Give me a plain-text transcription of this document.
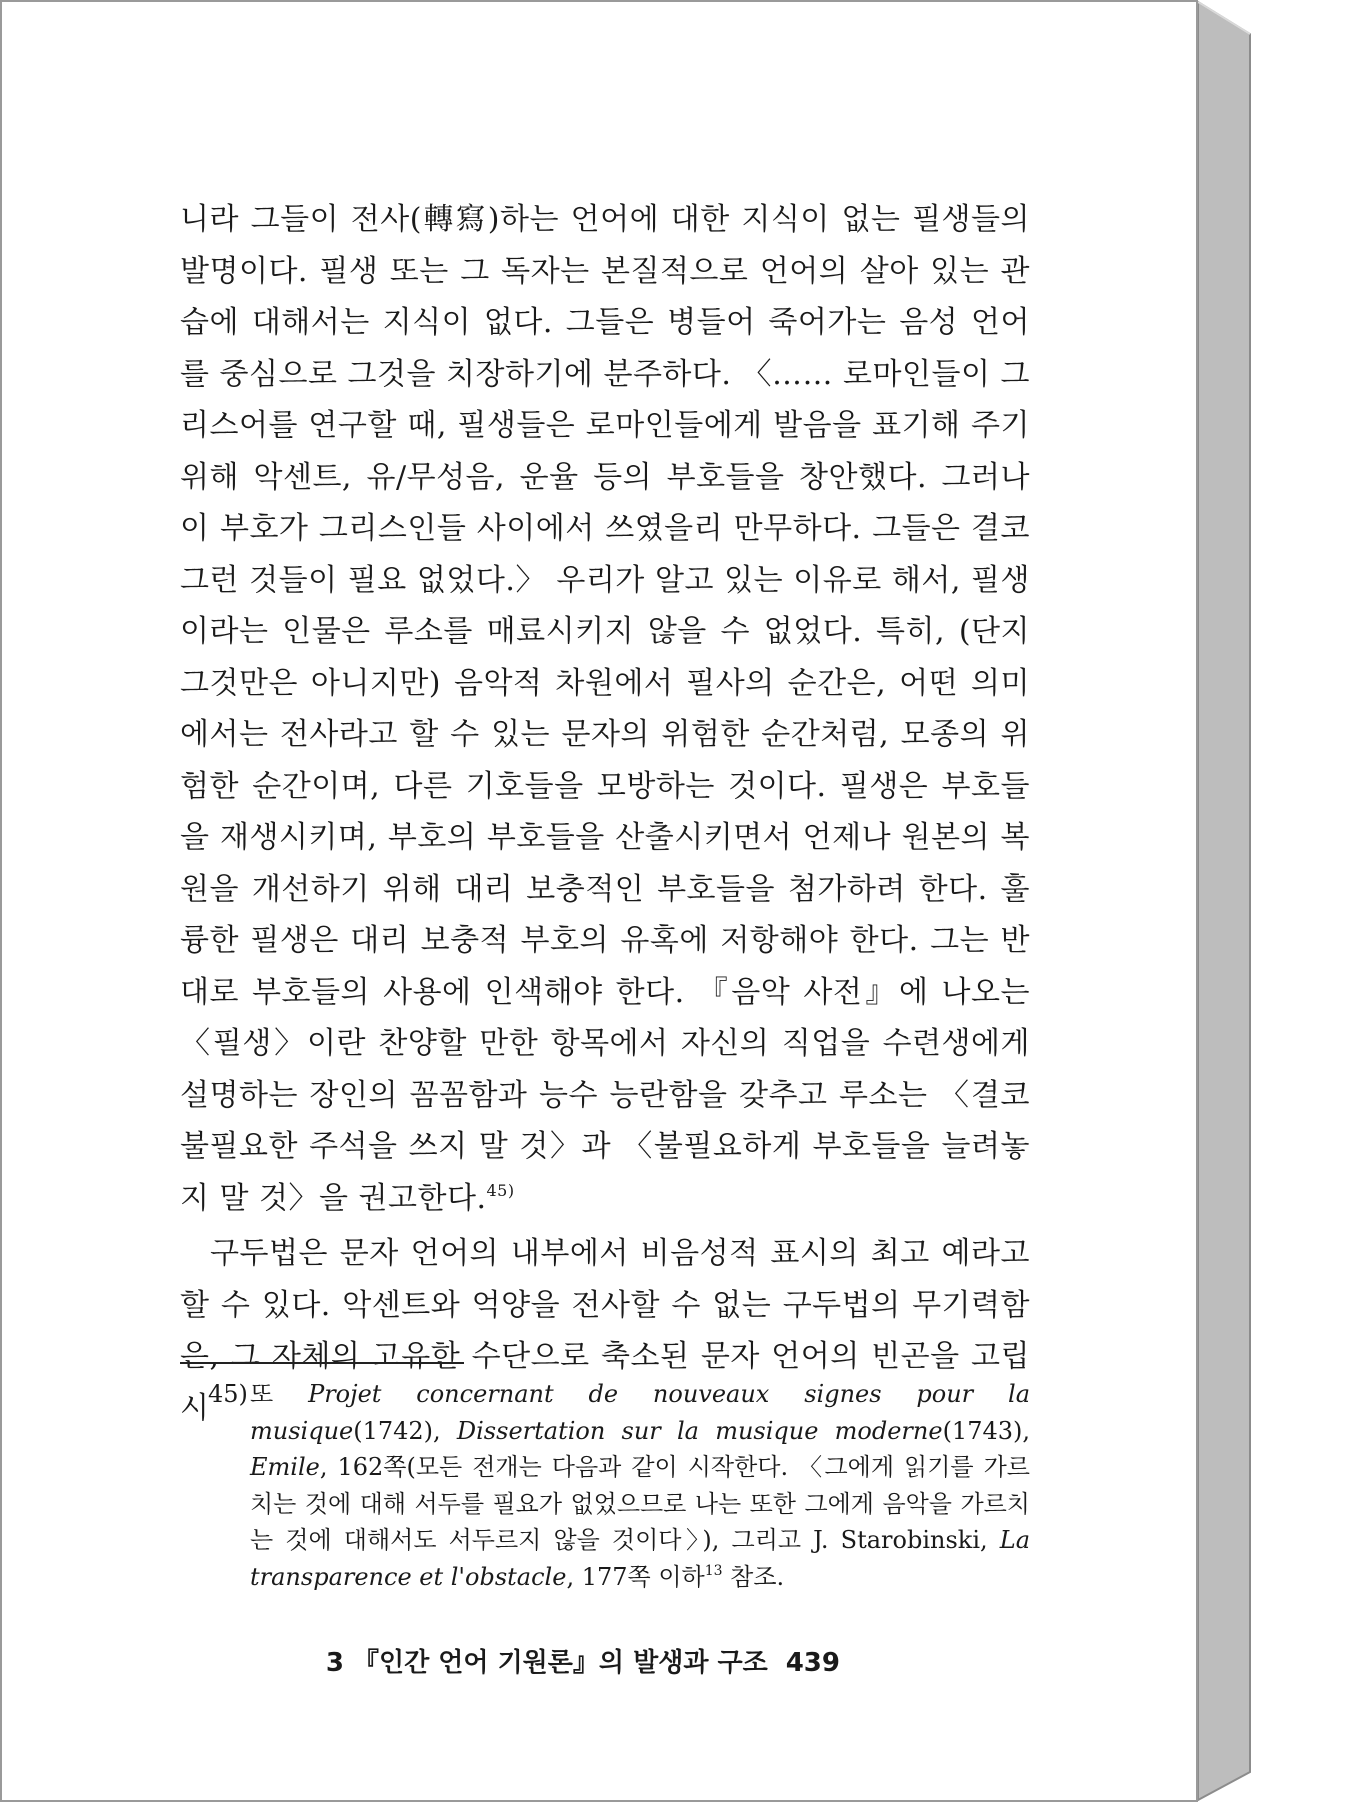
니라 그들이 전사(轉寫)하는 언어에 대한 지식이 없는 필생들의 발명이다. 필생 또는 그 독자는 본질적으로 언어의 살아 있는 관습에 대해서는 지식이 없다. 그들은 병들어 죽어가는 음성 언어를 중심으로 그것을 치장하기에 분주하다. 〈…… 로마인들이 그리스어를 연구할 때, 필생들은 로마인들에게 발음을 표기해 주기 위해 악센트, 유/무성음, 운율 등의 부호들을 창안했다. 그러나 이 부호가 그리스인들 사이에서 쓰였을리 만무하다. 그들은 결코 그런 것들이 필요 없었다.〉 우리가 알고 있는 이유로 해서, 필생이라는 인물은 루소를 매료시키지 않을 수 없었다. 특히, (단지 그것만은 아니지만) 음악적 차원에서 필사의 순간은, 어떤 의미에서는 전사라고 할 수 있는 문자의 위험한 순간처럼, 모종의 위험한 순간이며, 다른 기호들을 모방하는 것이다. 필생은 부호들을 재생시키며, 부호의 부호들을 산출시키면서 언제나 원본의 복원을 개선하기 위해 대리 보충적인 부호들을 첨가하려 한다. 훌륭한 필생은 대리 보충적 부호의 유혹에 저항해야 한다. 그는 반대로 부호들의 사용에 인색해야 한다. 『음악 사전』에 나오는 〈필생〉이란 찬양할 만한 항목에서 자신의 직업을 수련생에게 설명하는 장인의 꼼꼼함과 능수 능란함을 갖추고 루소는 〈결코 불필요한 주석을 쓰지 말 것〉과 〈불필요하게 부호들을 늘려놓지 말 것〉을 권고한다.$^{45)}$

구두법은 문자 언어의 내부에서 비음성적 표시의 최고 예라고 할 수 있다. 악센트와 억양을 전사할 수 없는 구두법의 무기력함은, 그 자체의 고유한 수단으로 축소된 문자 언어의 빈곤을 고립시

45) 또 Projet concernant de nouveaux signes pour la musique(1742), Dissertation sur la musique moderne(1743), Emile, 162쪽(모든 전개는 다음과 같이 시작한다. 〈그에게 읽기를 가르치는 것에 대해 서두를 필요가 없었으므로 나는 또한 그에게 음악을 가르치는 것에 대해서도 서두르지 않을 것이다〉), 그리고 J. Starobinski, La transparence et l'obstacle, 177쪽 이하$^{13}$ 참조.
3 『인간 언어 기원론』의 발생과 구조 439
